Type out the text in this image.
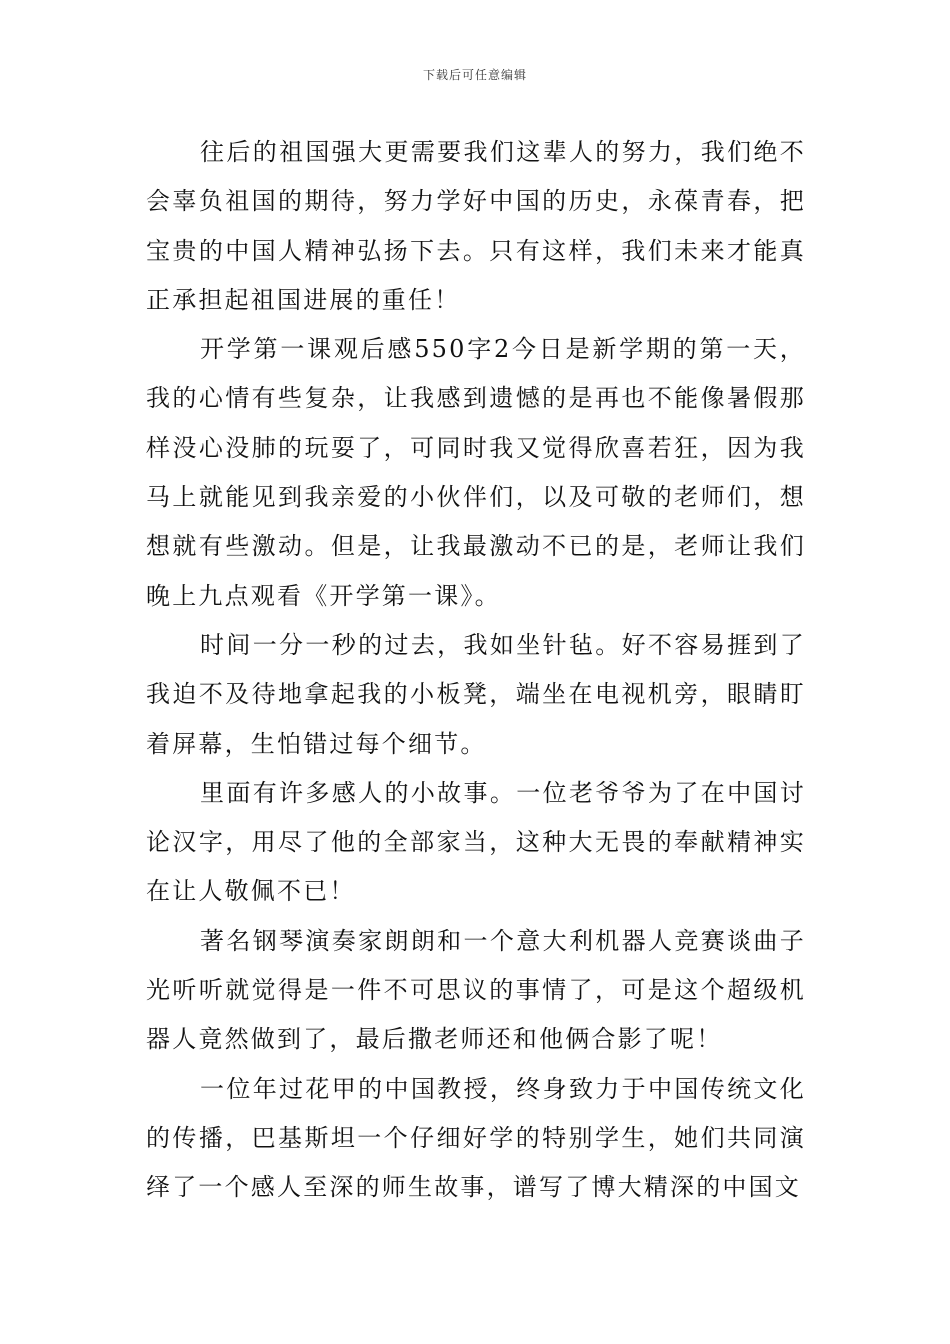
下载后可任意编辑

往后的祖国强大更需要我们这辈人的努力，我们绝不会辜负祖国的期待，努力学好中国的历史，永葆青春，把宝贵的中国人精神弘扬下去。只有这样，我们未来才能真正承担起祖国进展的重任！

开学第一课观后感550字2今日是新学期的第一天，我的心情有些复杂，让我感到遗憾的是再也不能像暑假那样没心没肺的玩耍了，可同时我又觉得欣喜若狂，因为我马上就能见到我亲爱的小伙伴们，以及可敬的老师们，想想就有些激动。但是，让我最激动不已的是，老师让我们晚上九点观看《开学第一课》。

时间一分一秒的过去，我如坐针毡。好不容易捱到了我迫不及待地拿起我的小板凳，端坐在电视机旁，眼睛盯着屏幕，生怕错过每个细节。

里面有许多感人的小故事。一位老爷爷为了在中国讨论汉字，用尽了他的全部家当，这种大无畏的奉献精神实在让人敬佩不已！

著名钢琴演奏家朗朗和一个意大利机器人竞赛谈曲子光听听就觉得是一件不可思议的事情了，可是这个超级机器人竟然做到了，最后撒老师还和他俩合影了呢！

一位年过花甲的中国教授，终身致力于中国传统文化的传播，巴基斯坦一个仔细好学的特别学生，她们共同演绎了一个感人至深的师生故事，谱写了博大精深的中国文
